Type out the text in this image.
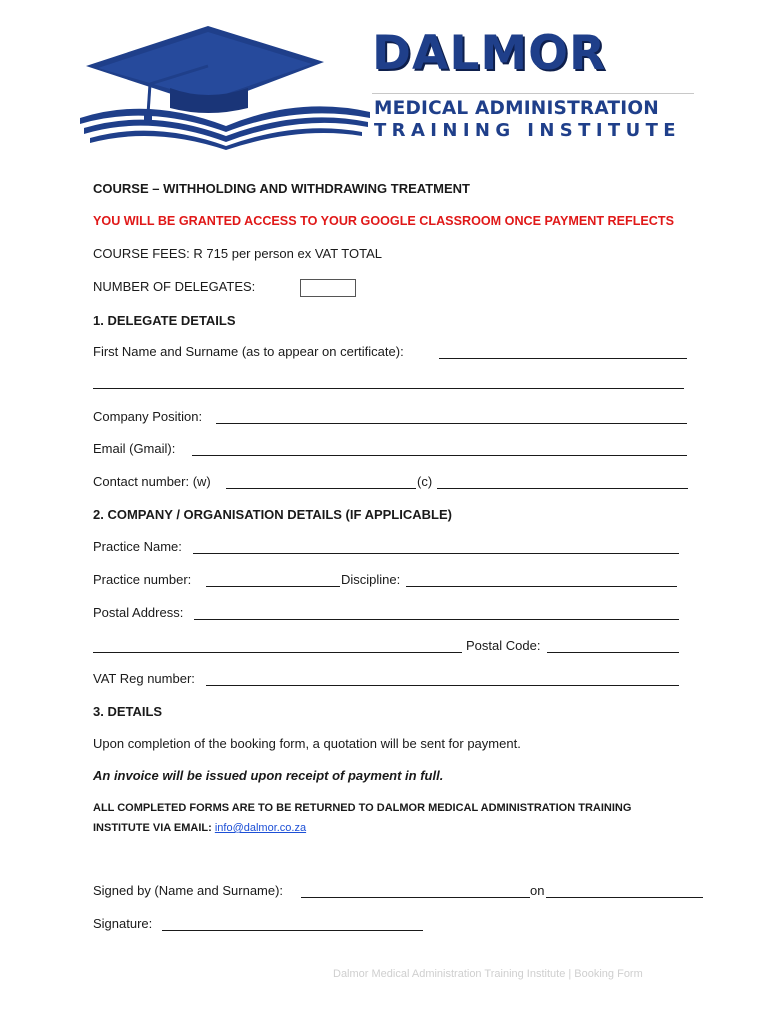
DALMOR
MEDICAL ADMINISTRATION
TRAINING INSTITUTE
COURSE – WITHHOLDING AND WITHDRAWING TREATMENT
YOU WILL BE GRANTED ACCESS TO YOUR GOOGLE CLASSROOM ONCE PAYMENT REFLECTS
COURSE FEES: R 715 per person ex VAT TOTAL
NUMBER OF DELEGATES:
1. DELEGATE DETAILS
First Name and Surname (as to appear on certificate):
Company Position:
Email (Gmail):
Contact number: (w)	(c)
2. COMPANY / ORGANISATION DETAILS (IF APPLICABLE)
Practice Name:
Practice number:	Discipline:
Postal Address:
Postal Code:
VAT Reg number:
3. DETAILS
Upon completion of the booking form, a quotation will be sent for payment.
An invoice will be issued upon receipt of payment in full.
ALL COMPLETED FORMS ARE TO BE RETURNED TO DALMOR MEDICAL ADMINISTRATION TRAINING
INSTITUTE VIA EMAIL: info@dalmor.co.za
Signed by (Name and Surname):	on
Signature:
Dalmor Medical Administration Training Institute | Booking Form
